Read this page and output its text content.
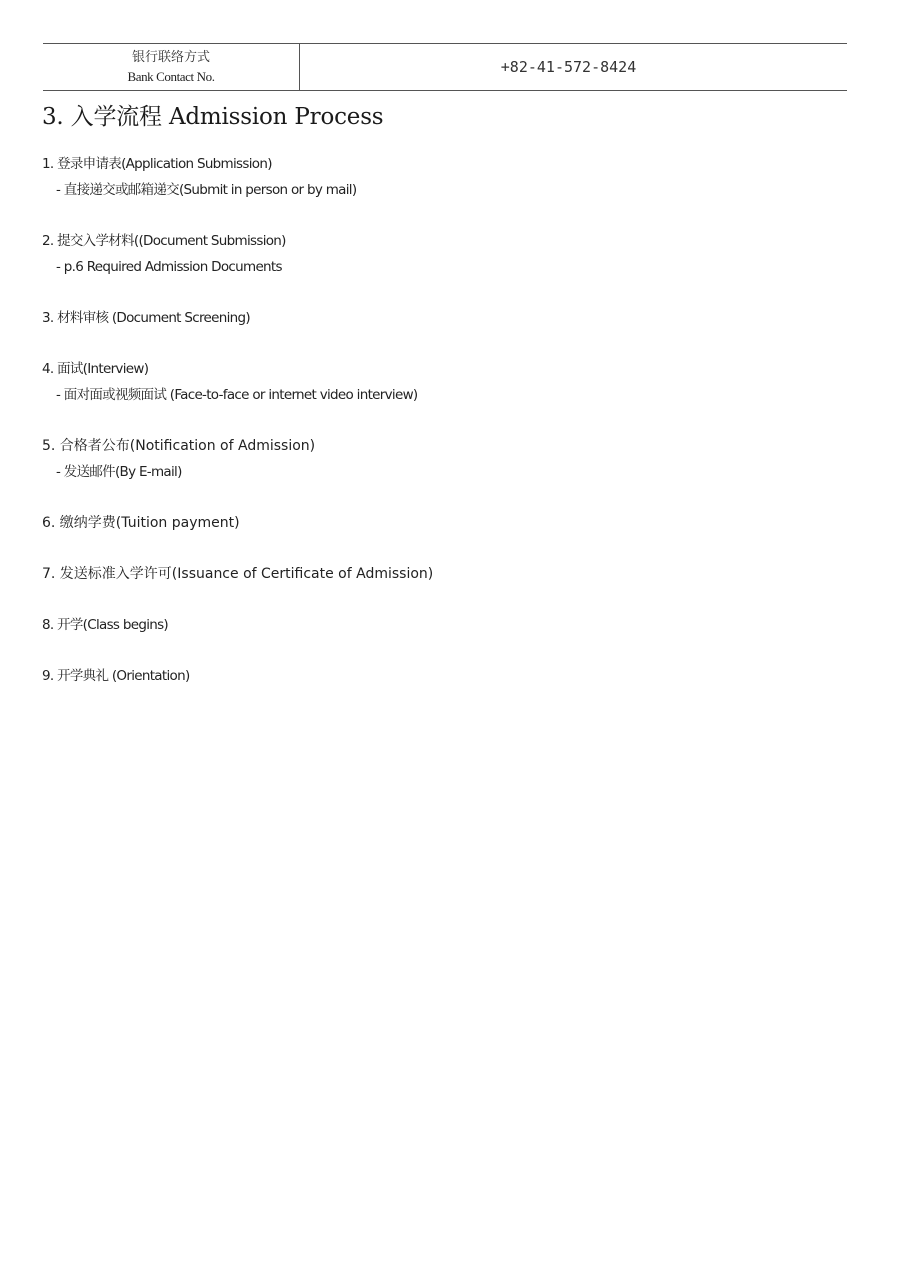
银行联络方式
Bank Contact No.
+82-41-572-8424
3. 入学流程 Admission Process
1. 登录申请表(Application Submission)
- 直接递交或邮箱递交(Submit in person or by mail)
2. 提交入学材料((Document Submission)
- p.6 Required Admission Documents
3. 材料审核 (Document Screening)
4. 面试(Interview)
- 面对面或视频面试 (Face-to-face or internet video interview)
5. 合格者公布(Notification of Admission)
- 发送邮件(By E-mail)
6. 缴纳学费(Tuition payment)
7. 发送标准入学许可(Issuance of Certificate of Admission)
8. 开学(Class begins)
9. 开学典礼 (Orientation)
